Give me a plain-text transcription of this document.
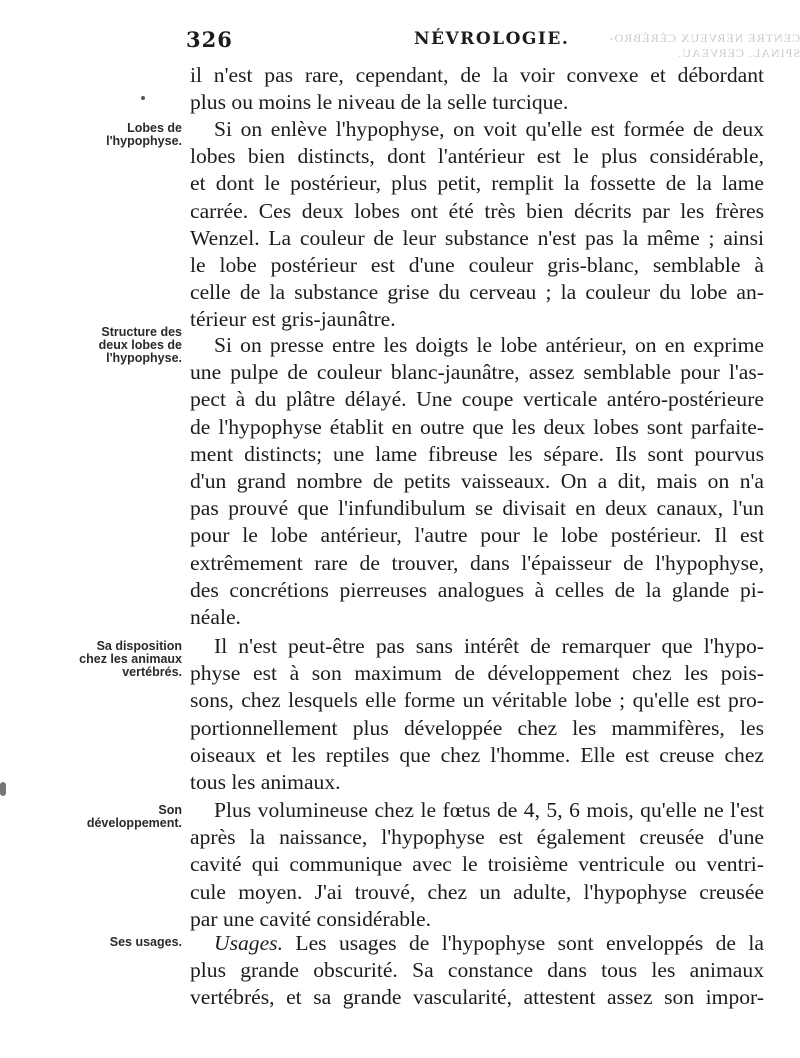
326	NÉVROLOGIE.	CENTRE NERVEUX CÉRÉBRO-SPINAL. CERVEAU.
Lobes de l'hypophyse.
Structure des deux lobes de l'hypophyse.
Sa disposition chez les animaux vertébrés.
Son développement.
Ses usages.
il n'est pas rare, cependant, de la voir convexe et débordant
plus ou moins le niveau de la selle turcique.
Si on enlève l'hypophyse, on voit qu'elle est formée de deux
lobes bien distincts, dont l'antérieur est le plus considérable,
et dont le postérieur, plus petit, remplit la fossette de la lame
carrée. Ces deux lobes ont été très bien décrits par les frères
Wenzel. La couleur de leur substance n'est pas la même ; ainsi
le lobe postérieur est d'une couleur gris-blanc, semblable à
celle de la substance grise du cerveau ; la couleur du lobe an-
térieur est gris-jaunâtre.
Si on presse entre les doigts le lobe antérieur, on en exprime
une pulpe de couleur blanc-jaunâtre, assez semblable pour l'as-
pect à du plâtre délayé. Une coupe verticale antéro-postérieure
de l'hypophyse établit en outre que les deux lobes sont parfaite-
ment distincts; une lame fibreuse les sépare. Ils sont pourvus
d'un grand nombre de petits vaisseaux. On a dit, mais on n'a
pas prouvé que l'infundibulum se divisait en deux canaux, l'un
pour le lobe antérieur, l'autre pour le lobe postérieur. Il est
extrêmement rare de trouver, dans l'épaisseur de l'hypophyse,
des concrétions pierreuses analogues à celles de la glande pi-
néale.
Il n'est peut-être pas sans intérêt de remarquer que l'hypo-
physe est à son maximum de développement chez les pois-
sons, chez lesquels elle forme un véritable lobe ; qu'elle est pro-
portionnellement plus développée chez les mammifères, les
oiseaux et les reptiles que chez l'homme. Elle est creuse chez
tous les animaux.
Plus volumineuse chez le fœtus de 4, 5, 6 mois, qu'elle ne l'est
après la naissance, l'hypophyse est également creusée d'une
cavité qui communique avec le troisième ventricule ou ventri-
cule moyen. J'ai trouvé, chez un adulte, l'hypophyse creusée
par une cavité considérable.
Usages. Les usages de l'hypophyse sont enveloppés de la
plus grande obscurité. Sa constance dans tous les animaux
vertébrés, et sa grande vascularité, attestent assez son impor-
